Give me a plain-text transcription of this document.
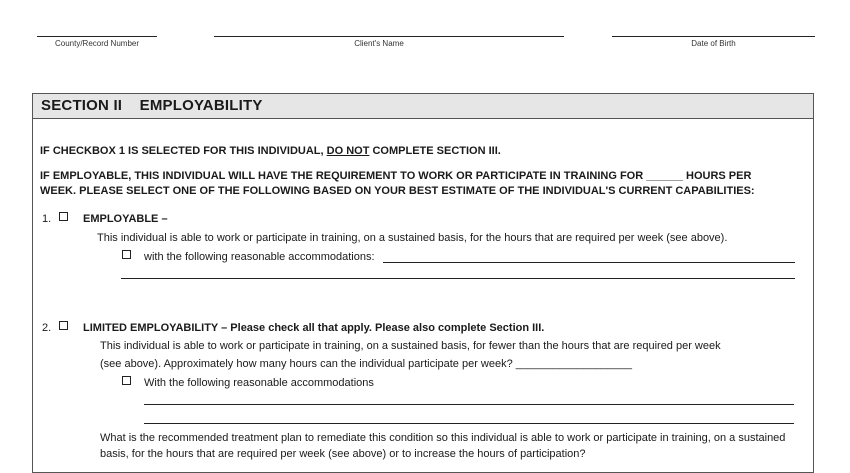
County/Record Number	Client's Name	Date of Birth
SECTION II    EMPLOYABILITY
IF CHECKBOX 1 IS SELECTED FOR THIS INDIVIDUAL, DO NOT COMPLETE SECTION III.
IF EMPLOYABLE, THIS INDIVIDUAL WILL HAVE THE REQUIREMENT TO WORK OR PARTICIPATE IN TRAINING FOR ______ HOURS PER
WEEK. PLEASE SELECT ONE OF THE FOLLOWING BASED ON YOUR BEST ESTIMATE OF THE INDIVIDUAL'S CURRENT CAPABILITIES:
1.	EMPLOYABLE –
This individual is able to work or participate in training, on a sustained basis, for the hours that are required per week (see above).
with the following reasonable accommodations:
2.	LIMITED EMPLOYABILITY – Please check all that apply. Please also complete Section III.
This individual is able to work or participate in training, on a sustained basis, for fewer than the hours that are required per week
(see above). Approximately how many hours can the individual participate per week? ___________________
With the following reasonable accommodations
What is the recommended treatment plan to remediate this condition so this individual is able to work or participate in training, on a sustained
basis, for the hours that are required per week (see above) or to increase the hours of participation?
